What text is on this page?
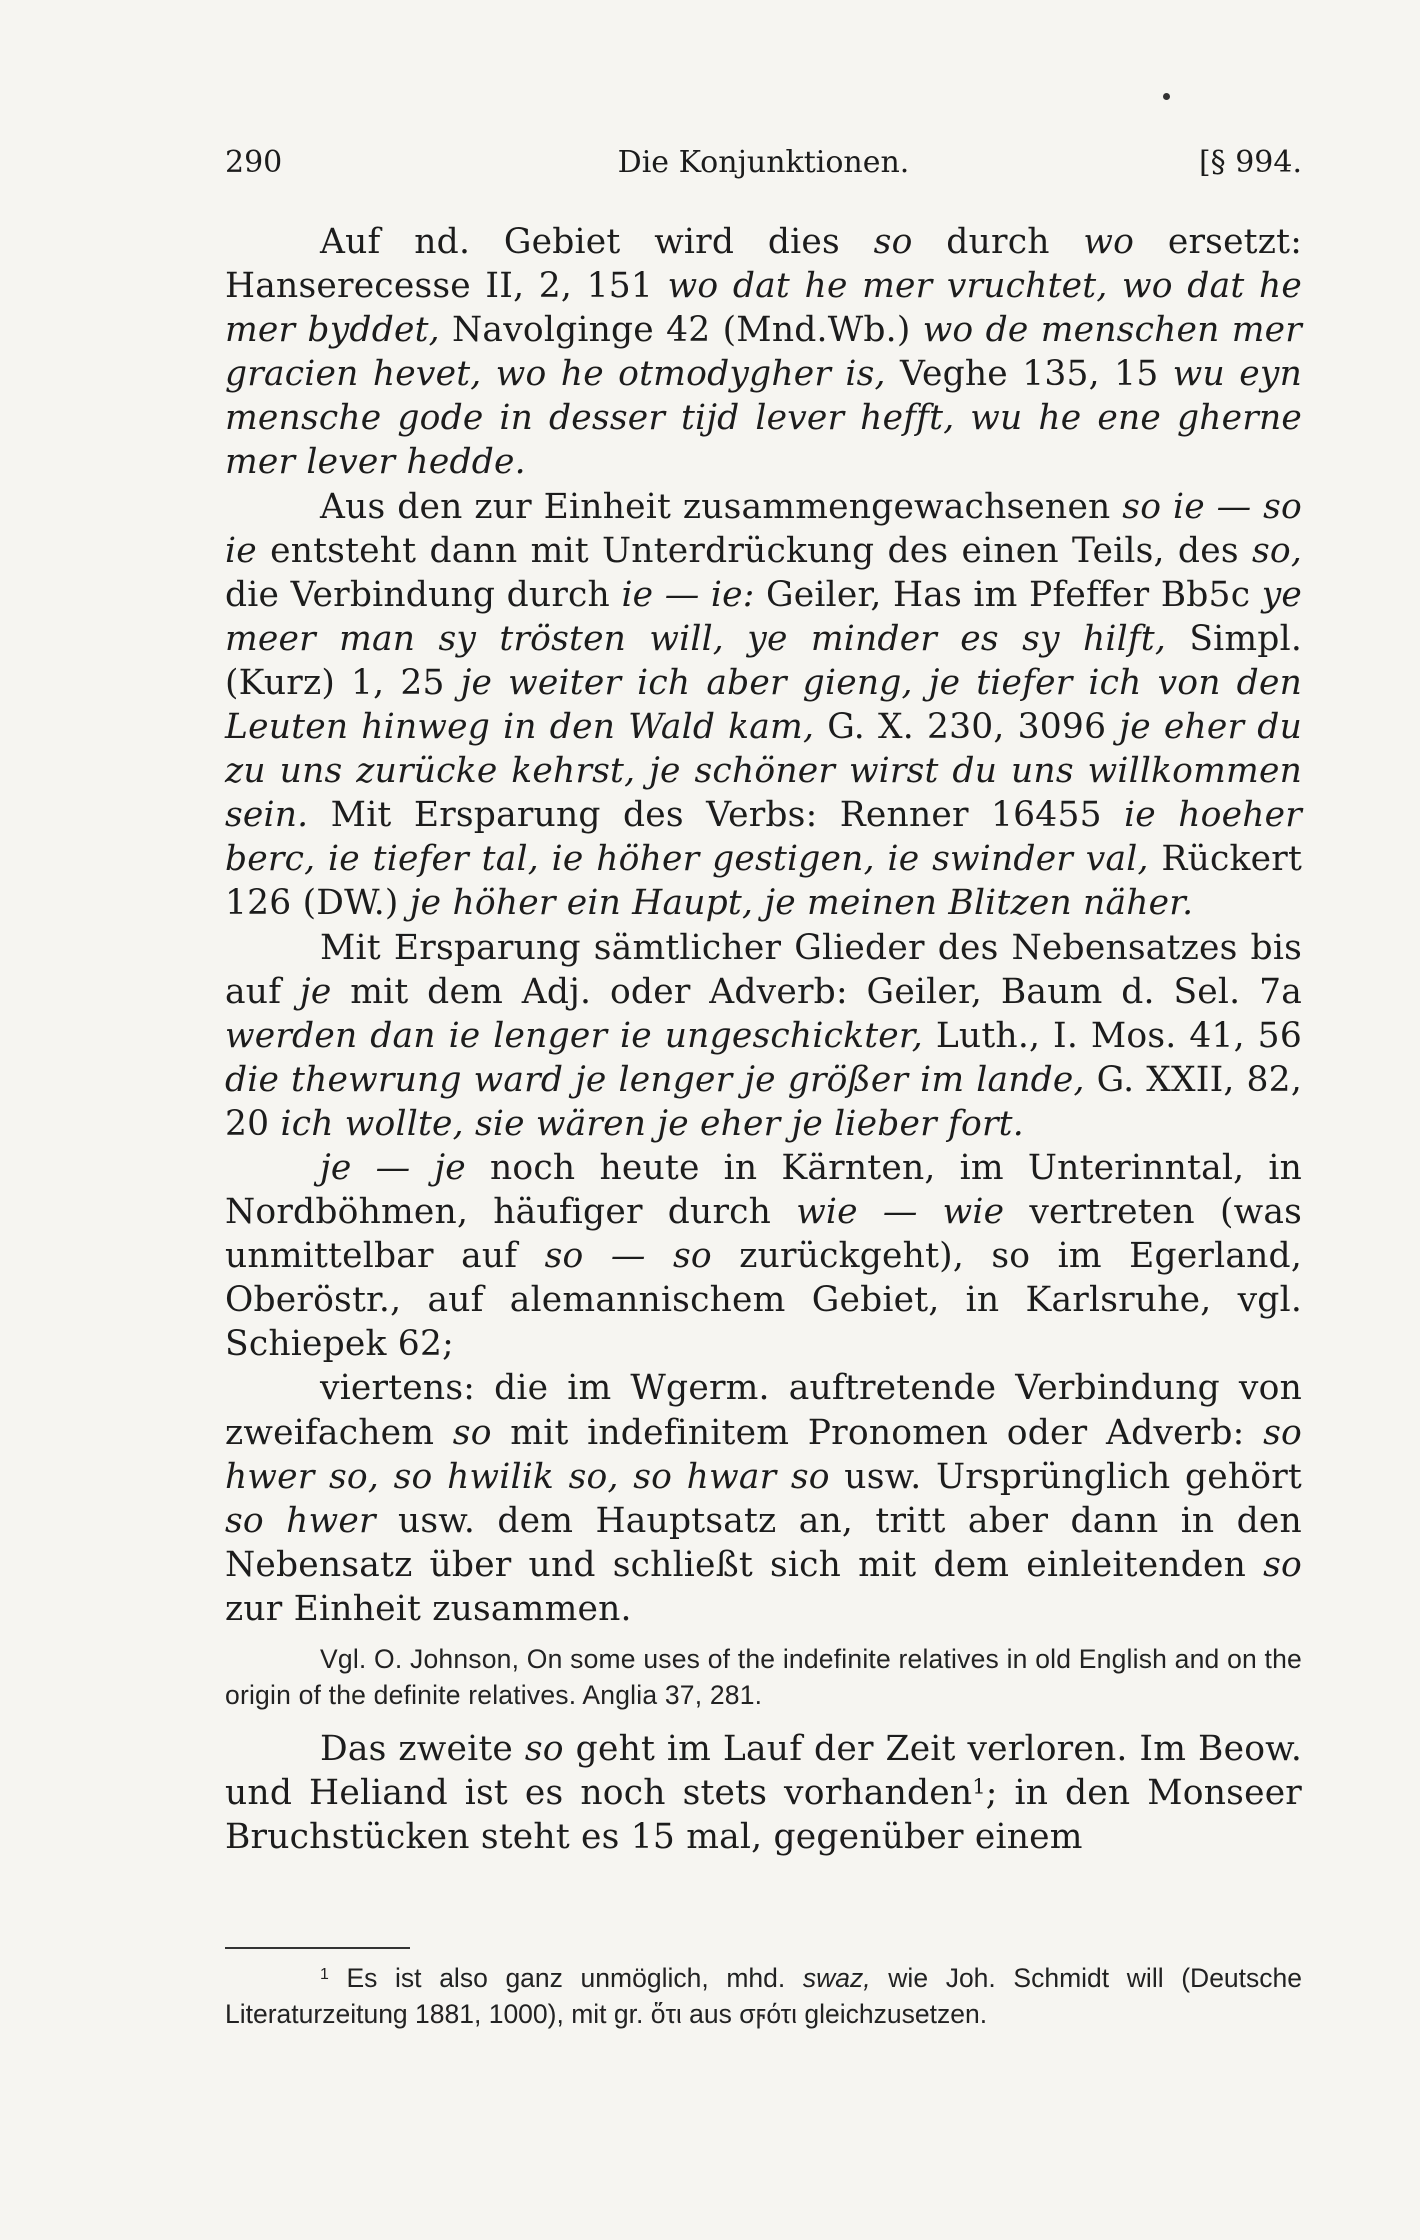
290	Die Konjunktionen.	[§ 994.

Auf nd. Gebiet wird dies so durch wo ersetzt: Hanserecesse II, 2, 151 wo dat he mer vruchtet, wo dat he mer byddet, Navolginge 42 (Mnd.Wb.) wo de menschen mer gracien hevet, wo he otmodygher is, Veghe 135, 15 wu eyn mensche gode in desser tijd lever hefft, wu he ene gherne mer lever hedde.

Aus den zur Einheit zusammengewachsenen so ie — so ie entsteht dann mit Unterdrückung des einen Teils, des so, die Verbindung durch ie — ie: Geiler, Has im Pfeffer Bb5c ye meer man sy trösten will, ye minder es sy hilft, Simpl. (Kurz) 1, 25 je weiter ich aber gieng, je tiefer ich von den Leuten hinweg in den Wald kam, G. X. 230, 3096 je eher du zu uns zurücke kehrst, je schöner wirst du uns willkommen sein. Mit Ersparung des Verbs: Renner 16455 ie hoeher berc, ie tiefer tal, ie höher gestigen, ie swinder val, Rückert 126 (DW.) je höher ein Haupt, je meinen Blitzen näher.

Mit Ersparung sämtlicher Glieder des Nebensatzes bis auf je mit dem Adj. oder Adverb: Geiler, Baum d. Sel. 7a werden dan ie lenger ie ungeschickter, Luth., I. Mos. 41, 56 die thewrung ward je lenger je größer im lande, G. XXII, 82, 20 ich wollte, sie wären je eher je lieber fort.

je — je noch heute in Kärnten, im Unterinntal, in Nordböhmen, häufiger durch wie — wie vertreten (was unmittelbar auf so — so zurückgeht), so im Egerland, Oberöstr., auf alemannischem Gebiet, in Karlsruhe, vgl. Schiepek 62;

viertens: die im Wgerm. auftretende Verbindung von zweifachem so mit indefinitem Pronomen oder Adverb: so hwer so, so hwilik so, so hwar so usw. Ursprünglich gehört so hwer usw. dem Hauptsatz an, tritt aber dann in den Nebensatz über und schließt sich mit dem einleitenden so zur Einheit zusammen.

Vgl. O. Johnson, On some uses of the indefinite relatives in old English and on the origin of the definite relatives. Anglia 37, 281.

Das zweite so geht im Lauf der Zeit verloren. Im Beow. und Heliand ist es noch stets vorhanden$^1$; in den Monseer Bruchstücken steht es 15 mal, gegenüber einem

$^1$ Es ist also ganz unmöglich, mhd. swaz, wie Joh. Schmidt will (Deutsche Literaturzeitung 1881, 1000), mit gr. ὅτι aus σϝότι gleichzusetzen.
